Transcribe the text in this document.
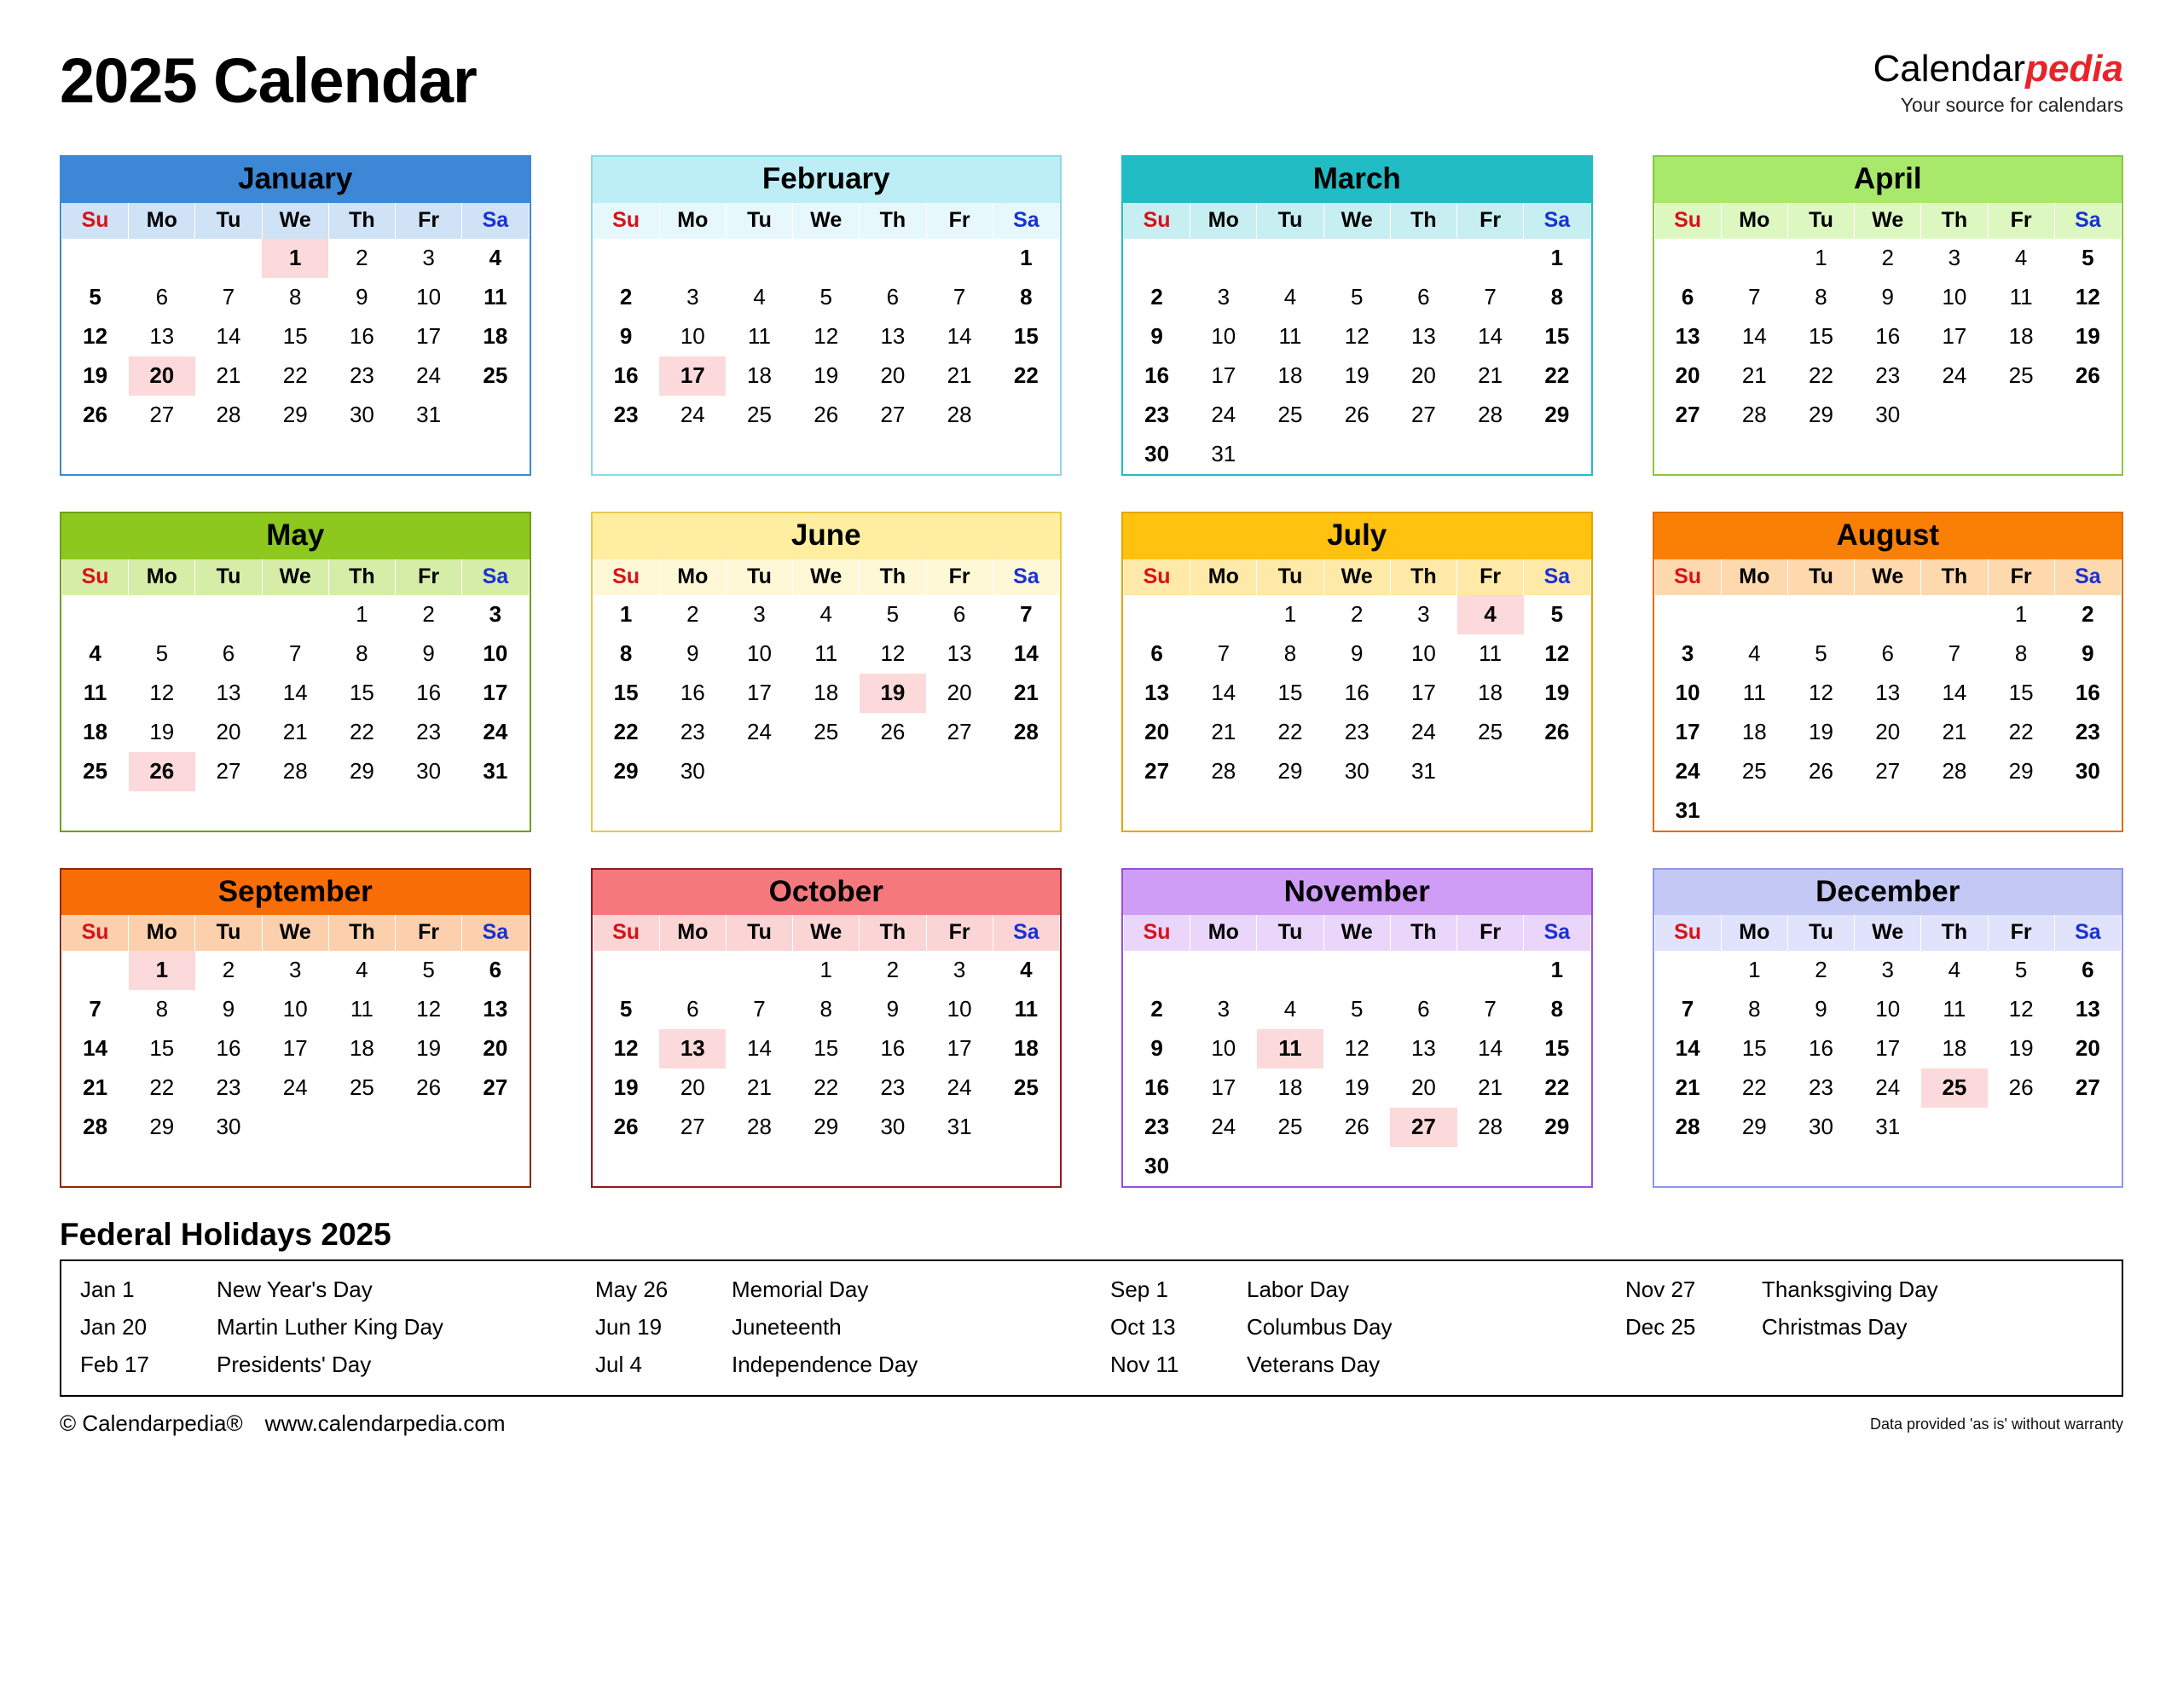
2025 Calendar	Calendarpedia
Your source for calendars
January
Su	Mo	Tu	We	Th	Fr	Sa
			1	2	3	4
5	6	7	8	9	10	11
12	13	14	15	16	17	18
19	20	21	22	23	24	25
26	27	28	29	30	31	
February
Su	Mo	Tu	We	Th	Fr	Sa
						1
2	3	4	5	6	7	8
9	10	11	12	13	14	15
16	17	18	19	20	21	22
23	24	25	26	27	28	
March
Su	Mo	Tu	We	Th	Fr	Sa
						1
2	3	4	5	6	7	8
9	10	11	12	13	14	15
16	17	18	19	20	21	22
23	24	25	26	27	28	29
30	31					
April
Su	Mo	Tu	We	Th	Fr	Sa
		1	2	3	4	5
6	7	8	9	10	11	12
13	14	15	16	17	18	19
20	21	22	23	24	25	26
27	28	29	30			
May
Su	Mo	Tu	We	Th	Fr	Sa
				1	2	3
4	5	6	7	8	9	10
11	12	13	14	15	16	17
18	19	20	21	22	23	24
25	26	27	28	29	30	31
June
Su	Mo	Tu	We	Th	Fr	Sa
1	2	3	4	5	6	7
8	9	10	11	12	13	14
15	16	17	18	19	20	21
22	23	24	25	26	27	28
29	30					
July
Su	Mo	Tu	We	Th	Fr	Sa
		1	2	3	4	5
6	7	8	9	10	11	12
13	14	15	16	17	18	19
20	21	22	23	24	25	26
27	28	29	30	31		
August
Su	Mo	Tu	We	Th	Fr	Sa
					1	2
3	4	5	6	7	8	9
10	11	12	13	14	15	16
17	18	19	20	21	22	23
24	25	26	27	28	29	30
31						
September
Su	Mo	Tu	We	Th	Fr	Sa
	1	2	3	4	5	6
7	8	9	10	11	12	13
14	15	16	17	18	19	20
21	22	23	24	25	26	27
28	29	30				
October
Su	Mo	Tu	We	Th	Fr	Sa
			1	2	3	4
5	6	7	8	9	10	11
12	13	14	15	16	17	18
19	20	21	22	23	24	25
26	27	28	29	30	31	
November
Su	Mo	Tu	We	Th	Fr	Sa
						1
2	3	4	5	6	7	8
9	10	11	12	13	14	15
16	17	18	19	20	21	22
23	24	25	26	27	28	29
30						
December
Su	Mo	Tu	We	Th	Fr	Sa
	1	2	3	4	5	6
7	8	9	10	11	12	13
14	15	16	17	18	19	20
21	22	23	24	25	26	27
28	29	30	31			
Federal Holidays 2025
Jan 1	New Year's Day
Jan 20	Martin Luther King Day
Feb 17	Presidents' Day
May 26	Memorial Day
Jun 19	Juneteenth
Jul 4	Independence Day
Sep 1	Labor Day
Oct 13	Columbus Day
Nov 11	Veterans Day
Nov 27	Thanksgiving Day
Dec 25	Christmas Day
© Calendarpedia® www.calendarpedia.com	Data provided 'as is' without warranty
